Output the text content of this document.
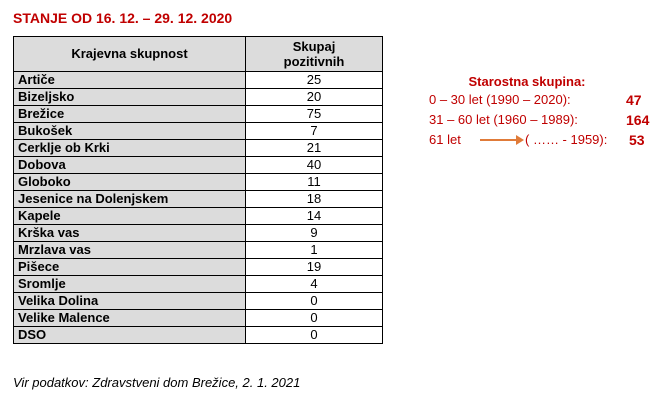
STANJE OD 16. 12. – 29. 12. 2020
Krajevna skupnost	Skupaj
pozitivnih
Artiče	25
Bizeljsko	20
Brežice	75
Bukošek	7
Cerklje ob Krki	21
Dobova	40
Globoko	11
Jesenice na Dolenjskem	18
Kapele	14
Krška vas	9
Mrzlava vas	1
Pišece	19
Sromlje	4
Velika Dolina	0
Velike Malence	0
DSO	0
Starostna skupina:
0 – 30 let (1990 – 2020):	47
31 – 60 let (1960 – 1989):	164
61 let	( …… - 1959): 53
Vir podatkov: Zdravstveni dom Brežice, 2. 1. 2021
